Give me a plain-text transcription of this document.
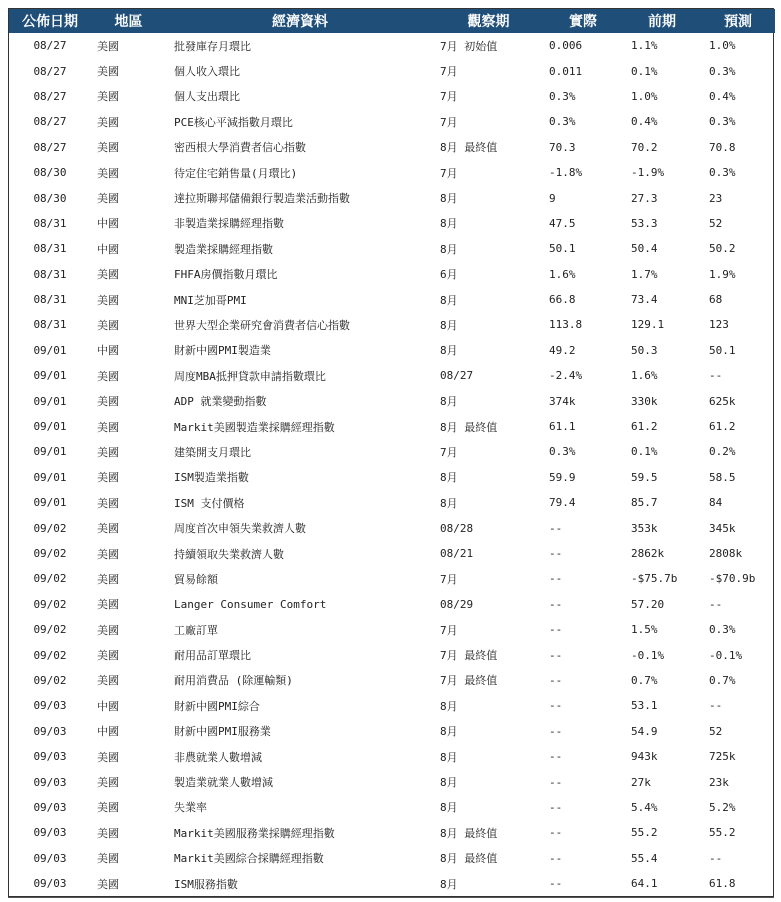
公佈日期	地區	經濟資料	觀察期	實際	前期	預測
08/27	美國	批發庫存月環比	7月 初始值	0.006	1.1%	1.0%
08/27	美國	個人收入環比	7月	0.011	0.1%	0.3%
08/27	美國	個人支出環比	7月	0.3%	1.0%	0.4%
08/27	美國	PCE核心平減指數月環比	7月	0.3%	0.4%	0.3%
08/27	美國	密西根大學消費者信心指數	8月 最終值	70.3	70.2	70.8
08/30	美國	待定住宅銷售量(月環比)	7月	-1.8%	-1.9%	0.3%
08/30	美國	達拉斯聯邦儲備銀行製造業活動指數	8月	9	27.3	23
08/31	中國	非製造業採購經理指數	8月	47.5	53.3	52
08/31	中國	製造業採購經理指數	8月	50.1	50.4	50.2
08/31	美國	FHFA房價指數月環比	6月	1.6%	1.7%	1.9%
08/31	美國	MNI芝加哥PMI	8月	66.8	73.4	68
08/31	美國	世界大型企業研究會消費者信心指數	8月	113.8	129.1	123
09/01	中國	財新中國PMI製造業	8月	49.2	50.3	50.1
09/01	美國	周度MBA抵押貸款申請指數環比	08/27	-2.4%	1.6%	--
09/01	美國	ADP 就業變動指數	8月	374k	330k	625k
09/01	美國	Markit美國製造業採購經理指數	8月 最終值	61.1	61.2	61.2
09/01	美國	建築開支月環比	7月	0.3%	0.1%	0.2%
09/01	美國	ISM製造業指數	8月	59.9	59.5	58.5
09/01	美國	ISM 支付價格	8月	79.4	85.7	84
09/02	美國	周度首次申領失業救濟人數	08/28	--	353k	345k
09/02	美國	持續領取失業救濟人數	08/21	--	2862k	2808k
09/02	美國	貿易餘額	7月	--	-$75.7b	-$70.9b
09/02	美國	Langer Consumer Comfort	08/29	--	57.20	--
09/02	美國	工廠訂單	7月	--	1.5%	0.3%
09/02	美國	耐用品訂單環比	7月 最終值	--	-0.1%	-0.1%
09/02	美國	耐用消費品 (除運輸類)	7月 最終值	--	0.7%	0.7%
09/03	中國	財新中國PMI綜合	8月	--	53.1	--
09/03	中國	財新中國PMI服務業	8月	--	54.9	52
09/03	美國	非農就業人數增減	8月	--	943k	725k
09/03	美國	製造業就業人數增減	8月	--	27k	23k
09/03	美國	失業率	8月	--	5.4%	5.2%
09/03	美國	Markit美國服務業採購經理指數	8月 最終值	--	55.2	55.2
09/03	美國	Markit美國綜合採購經理指數	8月 最終值	--	55.4	--
09/03	美國	ISM服務指數	8月	--	64.1	61.8
